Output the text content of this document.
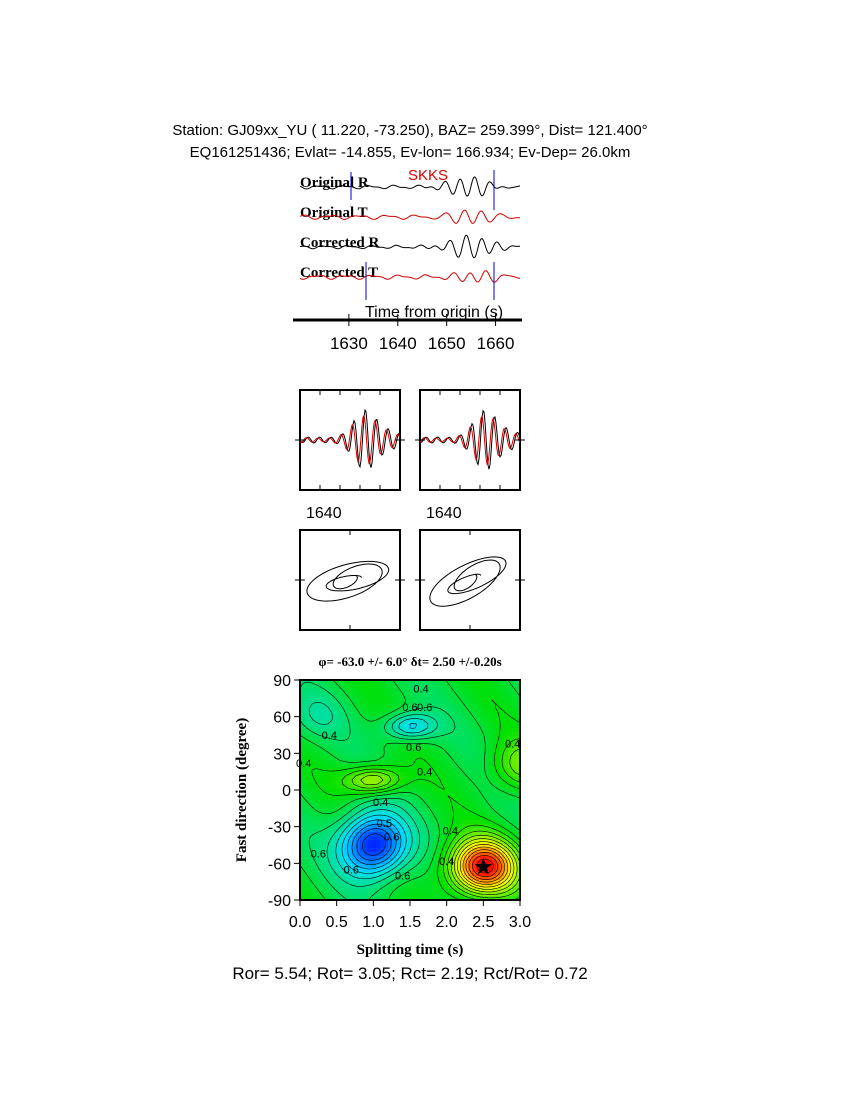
Station: GJ09xx_YU ( 11.220, -73.250), BAZ= 259.399°, Dist= 121.400°
EQ161251436; Evlat= -14.855, Ev-lon= 166.934; Ev-Dep= 26.0km
SKKS
Original R
Original T
Corrected R
Corrected T
Time from origin (s)
1630 1640 1650 1660
1640	1640
φ= -63.0 +/- 6.0° δt= 2.50 +/-0.20s
0.4
0.6 0.6
0.6
0.4
0.4
0.4
0.4
0.4
0.5
0.6
0.6
0.6
0.6
0.4
0.4
0.0 0.5 1.0 1.5 2.0 2.5 3.0
90
60
30
0
-30
-60
-90
Splitting time (s)
Fast direction (degree)
Ror= 5.54; Rot= 3.05; Rct= 2.19; Rct/Rot= 0.72
